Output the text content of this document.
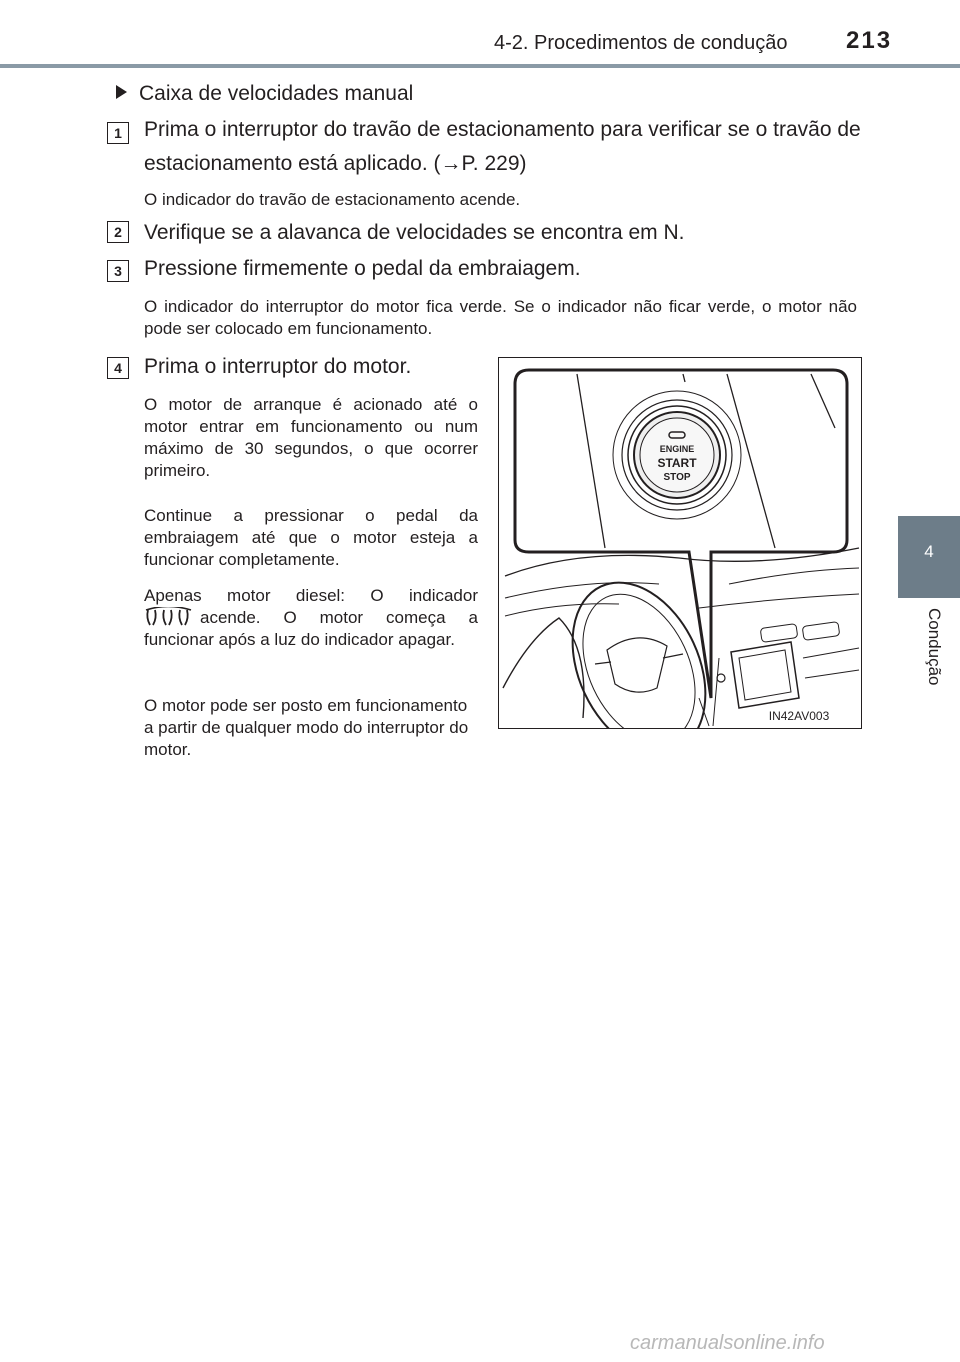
4-2. Procedimentos de condução 213
4
Condução
Caixa de velocidades manual
1	Prima o interruptor do travão de estacionamento para verificar se o travão de estacionamento está aplicado. (→P. 229)
O indicador do travão de estacionamento acende.
2	Verifique se a alavanca de velocidades se encontra em N.
3	Pressione firmemente o pedal da embraiagem.
O indicador do interruptor do motor fica verde. Se o indicador não ficar verde, o motor não pode ser colocado em funcionamento.
4	Prima o interruptor do motor.
O motor de arranque é acionado até o motor entrar em funcionamento ou num máximo de 30 segundos, o que ocorrer primeiro.
Continue a pressionar o pedal da embraiagem até que o motor esteja a funcionar completamente.
Apenas motor diesel: O indicador
acende. O motor começa a funcionar após a luz do indicador apagar.
O motor pode ser posto em funcionamento a partir de qualquer modo do interruptor do motor.
ENGINE
START
STOP
IN42AV003
carmanualsonline.info
